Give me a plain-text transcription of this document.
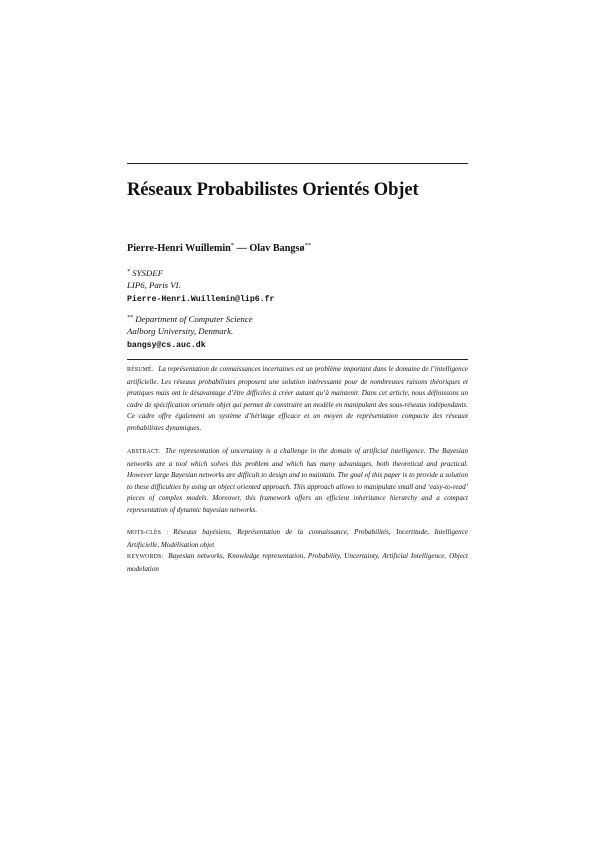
Réseaux Probabilistes Orientés Objet
Pierre-Henri Wuillemin* — Olav Bangsø**
* SYSDEF
LIP6, Paris VI.
Pierre-Henri.Wuillemin@lip6.fr
** Department of Computer Science
Aalborg University, Denmark.
bangsy@cs.auc.dk
RÉSUMÉ. La représentation de connaissances incertaines est un problème important dans le domaine de l’intelligence artificielle. Les réseaux probabilistes proposent une solution intéressante pour de nombreuses raisons théoriques et pratiques mais ont le désavantage d’être difficiles à créer autant qu’à maintenir. Dans cet article, nous définissons un cadre de spécification orientée objet qui permet de construire un modèle en manipulant des sous-réseaux indépendants. Ce cadre offre également un système d’héritage efficace et un moyen de représentation compacte des réseaux probabilistes dynamiques.
ABSTRACT. The representation of uncertainty is a challenge in the domain of artificial intelligence. The Bayesian networks are a tool which solves this problem and which has many advantages, both theoretical and practical. However large Bayesian networks are difficult to design and to maintain. The goal of this paper is to provide a solution to these difficulties by using an object oriented approach. This approach allows to manipulate small and ‘easy-to-read’ pieces of complex models. Moreover, this framework offers an efficient inheritance hierarchy and a compact representation of dynamic bayesian networks.
MOTS-CLÉS : Réseaux bayésiens, Représentation de la connaissance, Probabilités, Incertitude, Intelligence Artificielle, Modélisation objet
KEYWORDS: Bayesian networks, Knowledge representation, Probability, Uncertainty, Artificial Intelligence, Object modelation
